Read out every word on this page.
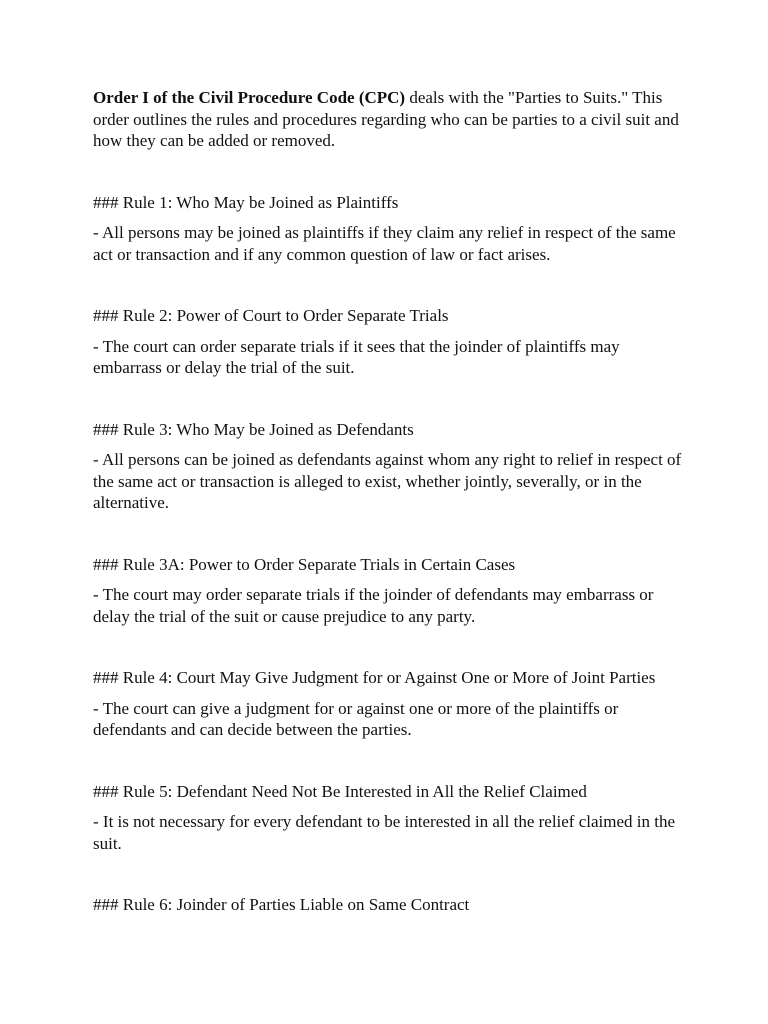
Order I of the Civil Procedure Code (CPC) deals with the "Parties to Suits." This order outlines the rules and procedures regarding who can be parties to a civil suit and how they can be added or removed.

### Rule 1: Who May be Joined as Plaintiffs

- All persons may be joined as plaintiffs if they claim any relief in respect of the same act or transaction and if any common question of law or fact arises.

### Rule 2: Power of Court to Order Separate Trials

- The court can order separate trials if it sees that the joinder of plaintiffs may embarrass or delay the trial of the suit.

### Rule 3: Who May be Joined as Defendants

- All persons can be joined as defendants against whom any right to relief in respect of the same act or transaction is alleged to exist, whether jointly, severally, or in the alternative.

### Rule 3A: Power to Order Separate Trials in Certain Cases

- The court may order separate trials if the joinder of defendants may embarrass or delay the trial of the suit or cause prejudice to any party.

### Rule 4: Court May Give Judgment for or Against One or More of Joint Parties

- The court can give a judgment for or against one or more of the plaintiffs or defendants and can decide between the parties.

### Rule 5: Defendant Need Not Be Interested in All the Relief Claimed

- It is not necessary for every defendant to be interested in all the relief claimed in the suit.

### Rule 6: Joinder of Parties Liable on Same Contract
